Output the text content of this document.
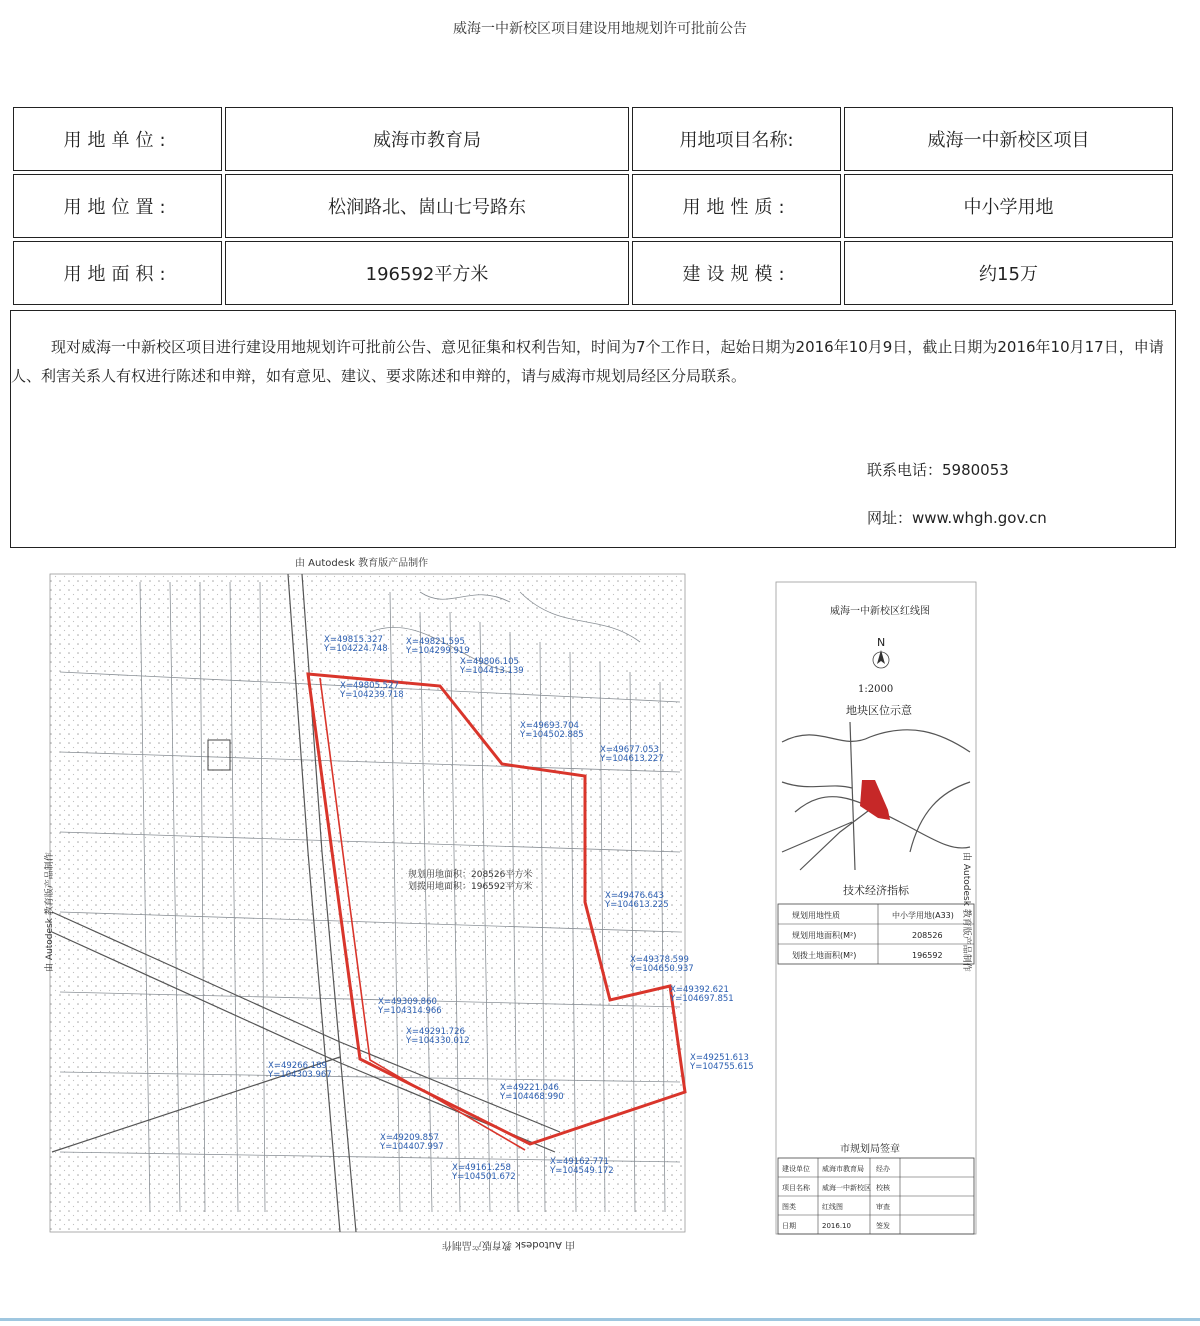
威海一中新校区项目建设用地规划许可批前公告
用地单位:	威海市教育局	用地项目名称:	威海一中新校区项目
用地位置:	松涧路北、崮山七号路东	用地性质:	中小学用地
用地面积:	196592平方米	建设规模:	约15万
现对威海一中新校区项目进行建设用地规划许可批前公告、意见征集和权利告知，时间为7个工作日，起始日期为2016年10月9日，截止日期为2016年10月17日，申请人、利害关系人有权进行陈述和申辩，如有意见、建议、要求陈述和申辩的，请与威海市规划局经区分局联系。
联系电话：5980053
网址：www.whgh.gov.cn
由 Autodesk 教育版产品制作
规划用地面积：208526平方米
划拨用地面积：196592平方米
X=49815.327
Y=104224.748
X=49821.595
Y=104299.919
X=49806.105
Y=104413.139
X=49805.527
Y=104239.718
X=49693.704
Y=104502.885
X=49677.053
Y=104613.227
X=49476.643
Y=104613.225
X=49378.599
Y=104650.937
X=49392.621
Y=104697.851
X=49251.613
Y=104755.615
X=49309.860
Y=104314.966
X=49291.726
Y=104330.012
X=49266.189
Y=104303.967
X=49221.046
Y=104468.990
X=49209.857
Y=104407.997
X=49161.258
Y=104501.672
X=49162.771
Y=104549.172
由 Autodesk 教育版产品制作
由 Autodesk 教育版产品制作
威海一中新校区红线图
N
1:2000
地块区位示意
技术经济指标
规划用地性质	中小学用地(A33)
规划用地面积(M²)	208526
划拨土地面积(M²)	196592 由 Autodesk 教育版产品制作
市规划局签章
建设单位 威海市教育局 经办
项目名称 威海一中新校区 校核
图类	红线图	审查
日期	2016.10	签发
